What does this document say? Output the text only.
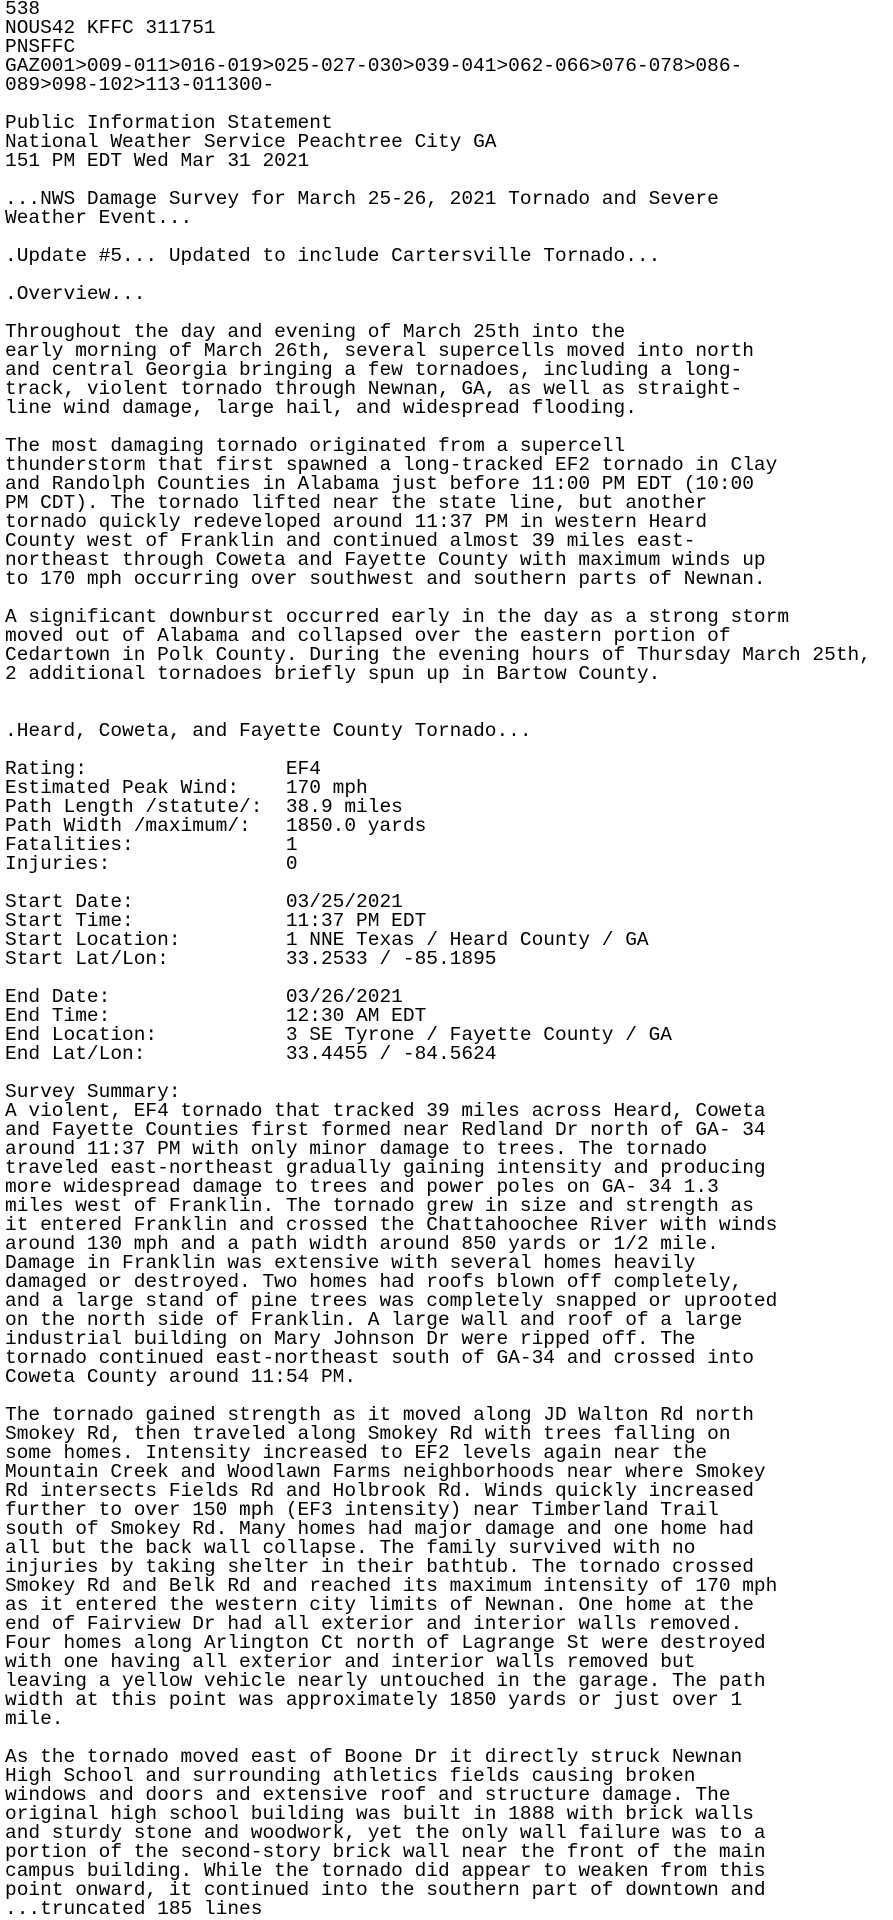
538
NOUS42 KFFC 311751
PNSFFC
GAZ001>009-011>016-019>025-027-030>039-041>062-066>076-078>086-
089>098-102>113-011300-
Public Information Statement
National Weather Service Peachtree City GA
151 PM EDT Wed Mar 31 2021
...NWS Damage Survey for March 25-26, 2021 Tornado and Severe
Weather Event...
.Update #5... Updated to include Cartersville Tornado...
.Overview...
Throughout the day and evening of March 25th into the
early morning of March 26th, several supercells moved into north
and central Georgia bringing a few tornadoes, including a long-
track, violent tornado through Newnan, GA, as well as straight-
line wind damage, large hail, and widespread flooding.
The most damaging tornado originated from a supercell
thunderstorm that first spawned a long-tracked EF2 tornado in Clay
and Randolph Counties in Alabama just before 11:00 PM EDT (10:00
PM CDT). The tornado lifted near the state line, but another
tornado quickly redeveloped around 11:37 PM in western Heard
County west of Franklin and continued almost 39 miles east-
northeast through Coweta and Fayette County with maximum winds up
to 170 mph occurring over southwest and southern parts of Newnan.
A significant downburst occurred early in the day as a strong storm
moved out of Alabama and collapsed over the eastern portion of
Cedartown in Polk County. During the evening hours of Thursday March 25th,
2 additional tornadoes briefly spun up in Bartow County.
.Heard, Coweta, and Fayette County Tornado...
Rating:                 EF4
Estimated Peak Wind:    170 mph
Path Length /statute/:  38.9 miles
Path Width /maximum/:   1850.0 yards
Fatalities:             1
Injuries:               0
Start Date:             03/25/2021
Start Time:             11:37 PM EDT
Start Location:         1 NNE Texas / Heard County / GA
Start Lat/Lon:          33.2533 / -85.1895
End Date:               03/26/2021
End Time:               12:30 AM EDT
End Location:           3 SE Tyrone / Fayette County / GA
End Lat/Lon:            33.4455 / -84.5624
Survey Summary:
A violent, EF4 tornado that tracked 39 miles across Heard, Coweta
and Fayette Counties first formed near Redland Dr north of GA- 34
around 11:37 PM with only minor damage to trees. The tornado
traveled east-northeast gradually gaining intensity and producing
more widespread damage to trees and power poles on GA- 34 1.3
miles west of Franklin. The tornado grew in size and strength as
it entered Franklin and crossed the Chattahoochee River with winds
around 130 mph and a path width around 850 yards or 1/2 mile.
Damage in Franklin was extensive with several homes heavily
damaged or destroyed. Two homes had roofs blown off completely,
and a large stand of pine trees was completely snapped or uprooted
on the north side of Franklin. A large wall and roof of a large
industrial building on Mary Johnson Dr were ripped off. The
tornado continued east-northeast south of GA-34 and crossed into
Coweta County around 11:54 PM.
The tornado gained strength as it moved along JD Walton Rd north
Smokey Rd, then traveled along Smokey Rd with trees falling on
some homes. Intensity increased to EF2 levels again near the
Mountain Creek and Woodlawn Farms neighborhoods near where Smokey
Rd intersects Fields Rd and Holbrook Rd. Winds quickly increased
further to over 150 mph (EF3 intensity) near Timberland Trail
south of Smokey Rd. Many homes had major damage and one home had
all but the back wall collapse. The family survived with no
injuries by taking shelter in their bathtub. The tornado crossed
Smokey Rd and Belk Rd and reached its maximum intensity of 170 mph
as it entered the western city limits of Newnan. One home at the
end of Fairview Dr had all exterior and interior walls removed.
Four homes along Arlington Ct north of Lagrange St were destroyed
with one having all exterior and interior walls removed but
leaving a yellow vehicle nearly untouched in the garage. The path
width at this point was approximately 1850 yards or just over 1
mile.
As the tornado moved east of Boone Dr it directly struck Newnan
High School and surrounding athletics fields causing broken
windows and doors and extensive roof and structure damage. The
original high school building was built in 1888 with brick walls
and sturdy stone and woodwork, yet the only wall failure was to a
portion of the second-story brick wall near the front of the main
campus building. While the tornado did appear to weaken from this
point onward, it continued into the southern part of downtown and
...truncated 185 lines
